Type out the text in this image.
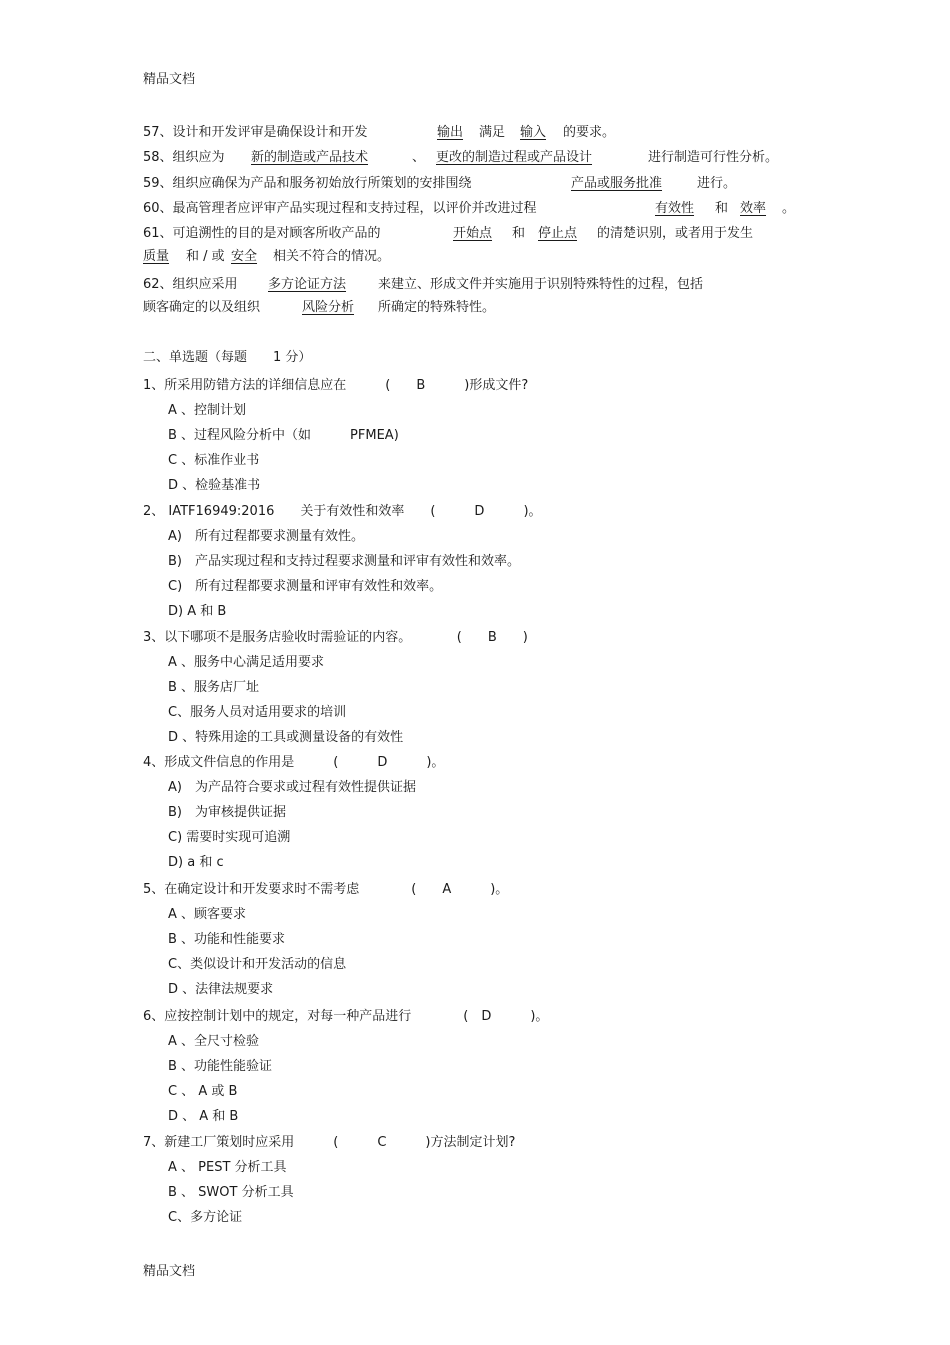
精品文档
57、设计和开发评审是确保设计和开发	输出 满足 输入 的要求。
58、组织应为 新的制造或产品技术	、 更改的制造过程或产品设计	进行制造可行性分析。
59、组织应确保为产品和服务初始放行所策划的安排围绕	产品或服务批准	进行。
60、最高管理者应评审产品实现过程和支持过程，以评价并改进过程	有效性 和 效率 。
61、可追溯性的目的是对顾客所收产品的	开始点 和 停止点 的清楚识别，或者用于发生
质量 和 / 或 安全 相关不符合的情况。
62、组织应采用 多方论证方法 来建立、形成文件并实施用于识别特殊特性的过程，包括
顾客确定的以及组织	风险分析 所确定的特殊特性。
二、单选题（每题　　1 分）
1、所采用防错方法的详细信息应在　　　(　　B　　　)形成文件?
A 、控制计划
B 、过程风险分析中（如　　　PFMEA)
C 、标准作业书
D 、检验基准书
2、 IATF16949:2016　　关于有效性和效率　　(　　　D　　　)。
A)　所有过程都要求测量有效性。
B)　产品实现过程和支持过程要求测量和评审有效性和效率。
C)　所有过程都要求测量和评审有效性和效率。
D) A 和 B
3、以下哪项不是服务店验收时需验证的内容。　　　　(　　B　　)
A 、服务中心满足适用要求
B 、服务店厂址
C、服务人员对适用要求的培训
D 、特殊用途的工具或测量设备的有效性
4、形成文件信息的作用是　　　(　　　D　　　)。
A)　为产品符合要求或过程有效性提供证据
B)　为审核提供证据
C) 需要时实现可追溯
D) a 和 c
5、在确定设计和开发要求时不需考虑　　　　(　　A　　　)。
A 、顾客要求
B 、功能和性能要求
C、类似设计和开发活动的信息
D 、法律法规要求
6、应按控制计划中的规定，对每一种产品进行　　　　(　D　　　)。
A 、全尺寸检验
B 、功能性能验证
C 、 A 或 B
D 、 A 和 B
7、新建工厂策划时应采用　　　(　　　C　　　)方法制定计划?
A 、 PEST 分析工具
B 、 SWOT 分析工具
C、多方论证
精品文档
